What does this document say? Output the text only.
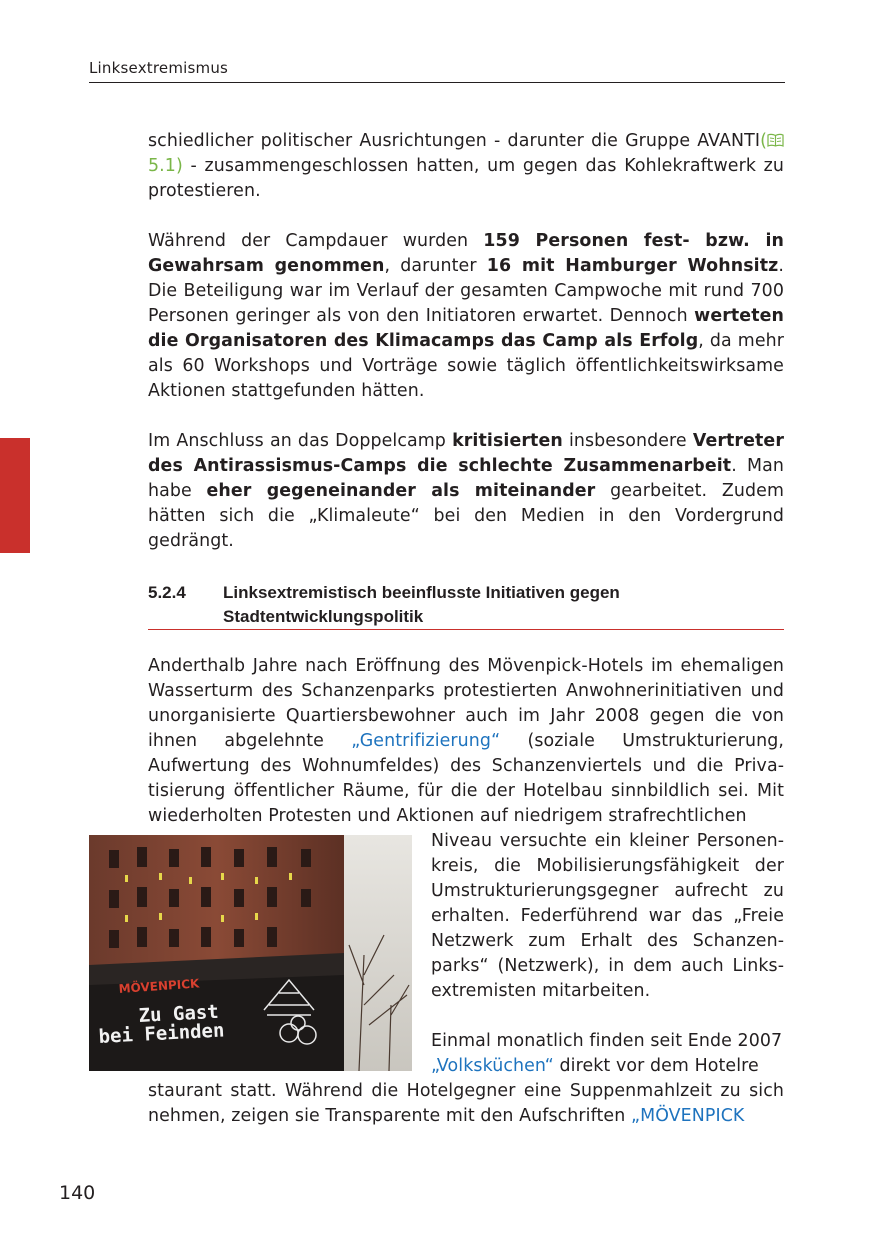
Linksextremismus

schiedlicher politischer Ausrichtungen - darunter die Gruppe AVANTI( 5.1) - zusammengeschlossen hatten, um gegen das Kohlekraftwerk zu protestieren.

Während der Campdauer wurden 159 Personen fest- bzw. in Gewahrsam genommen, darunter 16 mit Hamburger Wohnsitz. Die Beteiligung war im Verlauf der gesamten Campwoche mit rund 700 Personen geringer als von den Initiatoren erwartet. Dennoch werteten die Organisatoren des Klimacamps das Camp als Erfolg, da mehr als 60 Workshops und Vorträge sowie täglich öffentlichkeitswirksame Aktionen stattgefunden hätten.

Im Anschluss an das Doppelcamp kritisierten insbesondere Vertreter des Antirassismus-Camps die schlechte Zusammenarbeit. Man habe eher gegeneinander als miteinander gearbeitet. Zudem hätten sich die „Klimaleute“ bei den Medien in den Vordergrund gedrängt.

5.2.4 Linksextremistisch beeinflusste Initiativen gegen
Stadtentwicklungspolitik

Anderthalb Jahre nach Eröffnung des Mövenpick-Hotels im ehemaligen Wasserturm des Schanzenparks protestierten Anwohnerinitiativen und unorganisierte Quartiersbewohner auch im Jahr 2008 gegen die von ihnen abgelehnte „Gentrifizierung“ (soziale Umstrukturierung, Aufwertung des Wohnumfeldes) des Schanzenviertels und die Privatisierung öffentlicher Räume, für die der Hotelbau sinnbildlich sei. Mit wiederholten Protesten und Aktionen auf niedrigem strafrechtlichen

Niveau versuchte ein kleiner Personenkreis, die Mobilisierungsfähigkeit der Umstrukturierungsgegner aufrecht zu erhalten. Federführend war das „Freie Netzwerk zum Erhalt des Schanzenparks“ (Netzwerk), in dem auch Linksextremisten mitarbeiten.

Einmal monatlich finden seit Ende 2007
„Volksküchen“ direkt vor dem Hotelre

staurant statt. Während die Hotelgegner eine Suppenmahlzeit zu sich nehmen, zeigen sie Transparente mit den Aufschriften „MÖVENPICK

MÖVENPICK
Zu Gast
bei Feinden
140
